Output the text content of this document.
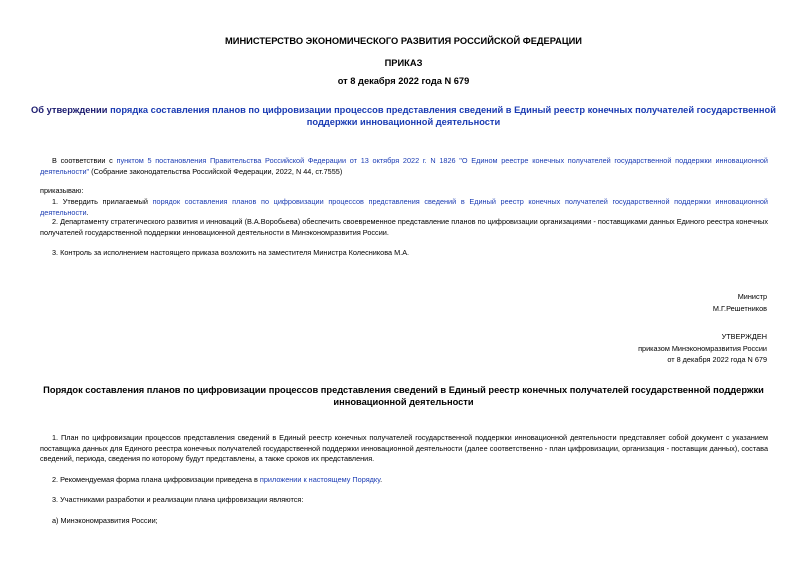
МИНИСТЕРСТВО ЭКОНОМИЧЕСКОГО РАЗВИТИЯ РОССИЙСКОЙ ФЕДЕРАЦИИ
ПРИКАЗ
от 8 декабря 2022 года N 679
Об утверждении порядка составления планов по цифровизации процессов представления сведений в Единый реестр конечных получателей государственной поддержки инновационной деятельности
В соответствии с пунктом 5 постановления Правительства Российской Федерации от 13 октября 2022 г. N 1826 "О Едином реестре конечных получателей государственной поддержки инновационной деятельности" (Собрание законодательства Российской Федерации, 2022, N 44, ст.7555)
приказываю:
1. Утвердить прилагаемый порядок составления планов по цифровизации процессов представления сведений в Единый реестр конечных получателей государственной поддержки инновационной деятельности.
2. Департаменту стратегического развития и инноваций (В.А.Воробьева) обеспечить своевременное представление планов по цифровизации организациями - поставщиками данных Единого реестра конечных получателей государственной поддержки инновационной деятельности в Минэкономразвития России.
3. Контроль за исполнением настоящего приказа возложить на заместителя Министра Колесникова М.А.
Министр
М.Г.Решетников
УТВЕРЖДЕН
приказом Минэкономразвития России
от 8 декабря 2022 года N 679
Порядок составления планов по цифровизации процессов представления сведений в Единый реестр конечных получателей государственной поддержки инновационной деятельности
1. План по цифровизации процессов представления сведений в Единый реестр конечных получателей государственной поддержки инновационной деятельности представляет собой документ с указанием поставщика данных для Единого реестра конечных получателей государственной поддержки инновационной деятельности (далее соответственно - план цифровизации, организация - поставщик данных), состава сведений, периода, сведения по которому будут представлены, а также сроков их представления.
2. Рекомендуемая форма плана цифровизации приведена в приложении к настоящему Порядку.
3. Участниками разработки и реализации плана цифровизации являются:
а) Минэкономразвития России;
